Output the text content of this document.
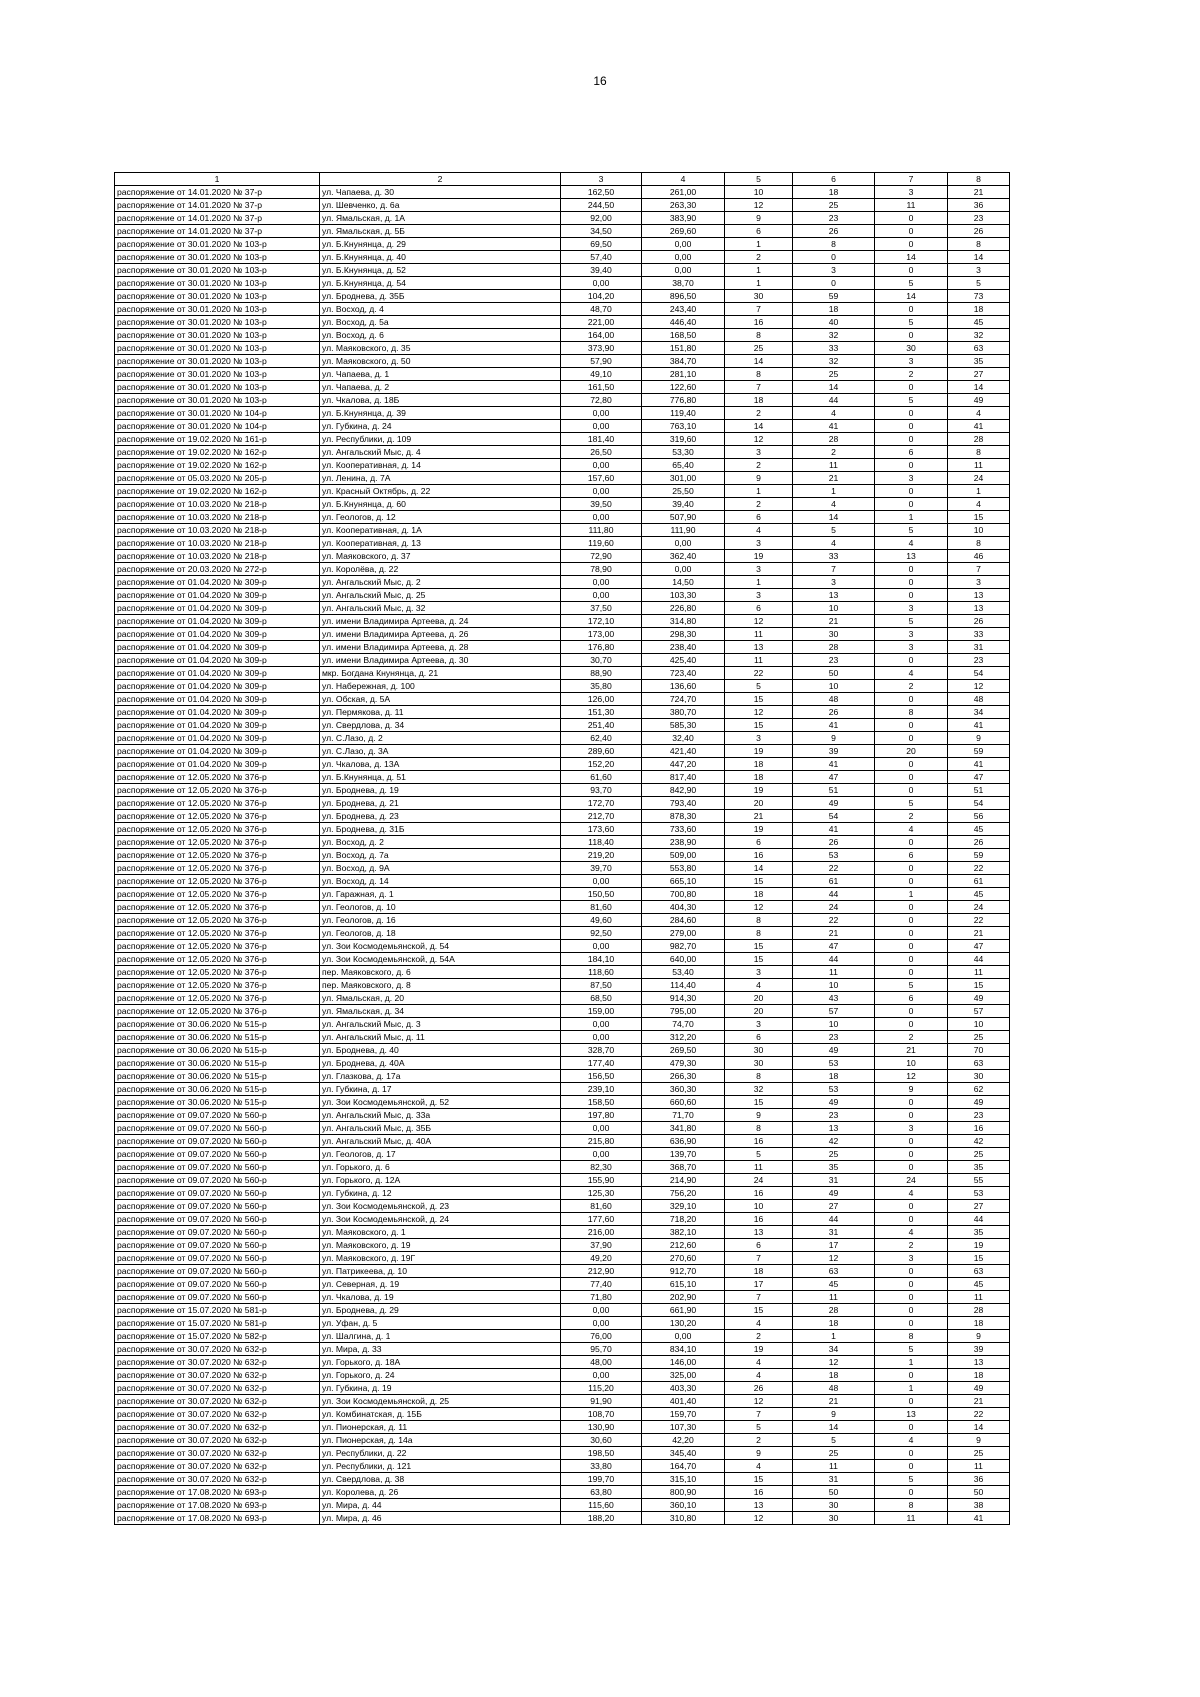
16
1	2	3	4	5	6	7	8
распоряжение от 14.01.2020 № 37-р	ул. Чапаева, д. 30	162,50	261,00	10	18	3	21
распоряжение от 14.01.2020 № 37-р	ул. Шевченко, д. 6а	244,50	263,30	12	25	11	36
распоряжение от 14.01.2020 № 37-р	ул. Ямальская, д. 1А	92,00	383,90	9	23	0	23
распоряжение от 14.01.2020 № 37-р	ул. Ямальская, д. 5Б	34,50	269,60	6	26	0	26
распоряжение от 30.01.2020 № 103-р	ул. Б.Кнунянца, д. 29	69,50	0,00	1	8	0	8
распоряжение от 30.01.2020 № 103-р	ул. Б.Кнунянца, д. 40	57,40	0,00	2	0	14	14
распоряжение от 30.01.2020 № 103-р	ул. Б.Кнунянца, д. 52	39,40	0,00	1	3	0	3
распоряжение от 30.01.2020 № 103-р	ул. Б.Кнунянца, д. 54	0,00	38,70	1	0	5	5
распоряжение от 30.01.2020 № 103-р	ул. Броднева, д. 35Б	104,20	896,50	30	59	14	73
распоряжение от 30.01.2020 № 103-р	ул. Восход, д. 4	48,70	243,40	7	18	0	18
распоряжение от 30.01.2020 № 103-р	ул. Восход, д. 5а	221,00	446,40	16	40	5	45
распоряжение от 30.01.2020 № 103-р	ул. Восход, д. 6	164,00	168,50	8	32	0	32
распоряжение от 30.01.2020 № 103-р	ул. Маяковского, д. 35	373,90	151,80	25	33	30	63
распоряжение от 30.01.2020 № 103-р	ул. Маяковского, д. 50	57,90	384,70	14	32	3	35
распоряжение от 30.01.2020 № 103-р	ул. Чапаева, д. 1	49,10	281,10	8	25	2	27
распоряжение от 30.01.2020 № 103-р	ул. Чапаева, д. 2	161,50	122,60	7	14	0	14
распоряжение от 30.01.2020 № 103-р	ул. Чкалова, д. 18Б	72,80	776,80	18	44	5	49
распоряжение от 30.01.2020 № 104-р	ул. Б.Кнунянца, д. 39	0,00	119,40	2	4	0	4
распоряжение от 30.01.2020 № 104-р	ул. Губкина, д. 24	0,00	763,10	14	41	0	41
распоряжение от 19.02.2020 № 161-р	ул. Республики, д. 109	181,40	319,60	12	28	0	28
распоряжение от 19.02.2020 № 162-р	ул. Ангальский Мыс, д. 4	26,50	53,30	3	2	6	8
распоряжение от 19.02.2020 № 162-р	ул. Кооперативная, д. 14	0,00	65,40	2	11	0	11
распоряжение от 05.03.2020 № 205-р	ул. Ленина, д. 7А	157,60	301,00	9	21	3	24
распоряжение от 19.02.2020 № 162-р	ул. Красный Октябрь, д. 22	0,00	25,50	1	1	0	1
распоряжение от 10.03.2020 № 218-р	ул. Б.Кнунянца, д. 60	39,50	39,40	2	4	0	4
распоряжение от 10.03.2020 № 218-р	ул. Геологов, д. 12	0,00	507,90	6	14	1	15
распоряжение от 10.03.2020 № 218-р	ул. Кооперативная, д. 1А	111,80	111,90	4	5	5	10
распоряжение от 10.03.2020 № 218-р	ул. Кооперативная, д. 13	119,60	0,00	3	4	4	8
распоряжение от 10.03.2020 № 218-р	ул. Маяковского, д. 37	72,90	362,40	19	33	13	46
распоряжение от 20.03.2020 № 272-р	ул. Королёва, д. 22	78,90	0,00	3	7	0	7
распоряжение от 01.04.2020 № 309-р	ул. Ангальский Мыс, д. 2	0,00	14,50	1	3	0	3
распоряжение от 01.04.2020 № 309-р	ул. Ангальский Мыс, д. 25	0,00	103,30	3	13	0	13
распоряжение от 01.04.2020 № 309-р	ул. Ангальский Мыс, д. 32	37,50	226,80	6	10	3	13
распоряжение от 01.04.2020 № 309-р	ул. имени Владимира Артеева, д. 24	172,10	314,80	12	21	5	26
распоряжение от 01.04.2020 № 309-р	ул. имени Владимира Артеева, д. 26	173,00	298,30	11	30	3	33
распоряжение от 01.04.2020 № 309-р	ул. имени Владимира Артеева, д. 28	176,80	238,40	13	28	3	31
распоряжение от 01.04.2020 № 309-р	ул. имени Владимира Артеева, д. 30	30,70	425,40	11	23	0	23
распоряжение от 01.04.2020 № 309-р	мкр. Богдана Кнунянца, д. 21	88,90	723,40	22	50	4	54
распоряжение от 01.04.2020 № 309-р	ул. Набережная, д. 100	35,80	136,60	5	10	2	12
распоряжение от 01.04.2020 № 309-р	ул. Обская, д. 5А	126,00	724,70	15	48	0	48
распоряжение от 01.04.2020 № 309-р	ул. Пермякова, д. 11	151,30	380,70	12	26	8	34
распоряжение от 01.04.2020 № 309-р	ул. Свердлова, д. 34	251,40	585,30	15	41	0	41
распоряжение от 01.04.2020 № 309-р	ул. С.Лазо, д. 2	62,40	32,40	3	9	0	9
распоряжение от 01.04.2020 № 309-р	ул. С.Лазо, д. 3А	289,60	421,40	19	39	20	59
распоряжение от 01.04.2020 № 309-р	ул. Чкалова, д. 13А	152,20	447,20	18	41	0	41
распоряжение от 12.05.2020 № 376-р	ул. Б.Кнунянца, д. 51	61,60	817,40	18	47	0	47
распоряжение от 12.05.2020 № 376-р	ул. Броднева, д. 19	93,70	842,90	19	51	0	51
распоряжение от 12.05.2020 № 376-р	ул. Броднева, д. 21	172,70	793,40	20	49	5	54
распоряжение от 12.05.2020 № 376-р	ул. Броднева, д. 23	212,70	878,30	21	54	2	56
распоряжение от 12.05.2020 № 376-р	ул. Броднева, д. 31Б	173,60	733,60	19	41	4	45
распоряжение от 12.05.2020 № 376-р	ул. Восход, д. 2	118,40	238,90	6	26	0	26
распоряжение от 12.05.2020 № 376-р	ул. Восход, д. 7а	219,20	509,00	16	53	6	59
распоряжение от 12.05.2020 № 376-р	ул. Восход, д. 9А	39,70	553,80	14	22	0	22
распоряжение от 12.05.2020 № 376-р	ул. Восход, д. 14	0,00	665,10	15	61	0	61
распоряжение от 12.05.2020 № 376-р	ул. Гаражная, д. 1	150,50	700,80	18	44	1	45
распоряжение от 12.05.2020 № 376-р	ул. Геологов, д. 10	81,60	404,30	12	24	0	24
распоряжение от 12.05.2020 № 376-р	ул. Геологов, д. 16	49,60	284,60	8	22	0	22
распоряжение от 12.05.2020 № 376-р	ул. Геологов, д. 18	92,50	279,00	8	21	0	21
распоряжение от 12.05.2020 № 376-р	ул. Зои Космодемьянской, д. 54	0,00	982,70	15	47	0	47
распоряжение от 12.05.2020 № 376-р	ул. Зои Космодемьянской, д. 54А	184,10	640,00	15	44	0	44
распоряжение от 12.05.2020 № 376-р	пер. Маяковского, д. 6	118,60	53,40	3	11	0	11
распоряжение от 12.05.2020 № 376-р	пер. Маяковского, д. 8	87,50	114,40	4	10	5	15
распоряжение от 12.05.2020 № 376-р	ул. Ямальская, д. 20	68,50	914,30	20	43	6	49
распоряжение от 12.05.2020 № 376-р	ул. Ямальская, д. 34	159,00	795,00	20	57	0	57
распоряжение от 30.06.2020 № 515-р	ул. Ангальский Мыс, д. 3	0,00	74,70	3	10	0	10
распоряжение от 30.06.2020 № 515-р	ул. Ангальский Мыс, д. 11	0,00	312,20	6	23	2	25
распоряжение от 30.06.2020 № 515-р	ул. Броднева, д. 40	328,70	269,50	30	49	21	70
распоряжение от 30.06.2020 № 515-р	ул. Броднева, д. 40А	177,40	479,30	30	53	10	63
распоряжение от 30.06.2020 № 515-р	ул. Глазкова, д. 17а	156,50	266,30	8	18	12	30
распоряжение от 30.06.2020 № 515-р	ул. Губкина, д. 17	239,10	360,30	32	53	9	62
распоряжение от 30.06.2020 № 515-р	ул. Зои Космодемьянской, д. 52	158,50	660,60	15	49	0	49
распоряжение от 09.07.2020 № 560-р	ул. Ангальский Мыс, д. 33а	197,80	71,70	9	23	0	23
распоряжение от 09.07.2020 № 560-р	ул. Ангальский Мыс, д. 35Б	0,00	341,80	8	13	3	16
распоряжение от 09.07.2020 № 560-р	ул. Ангальский Мыс, д. 40А	215,80	636,90	16	42	0	42
распоряжение от 09.07.2020 № 560-р	ул. Геологов, д. 17	0,00	139,70	5	25	0	25
распоряжение от 09.07.2020 № 560-р	ул. Горького, д. 6	82,30	368,70	11	35	0	35
распоряжение от 09.07.2020 № 560-р	ул. Горького, д. 12А	155,90	214,90	24	31	24	55
распоряжение от 09.07.2020 № 560-р	ул. Губкина, д. 12	125,30	756,20	16	49	4	53
распоряжение от 09.07.2020 № 560-р	ул. Зои Космодемьянской, д. 23	81,60	329,10	10	27	0	27
распоряжение от 09.07.2020 № 560-р	ул. Зои Космодемьянской, д. 24	177,60	718,20	16	44	0	44
распоряжение от 09.07.2020 № 560-р	ул. Маяковского, д. 1	216,00	382,10	13	31	4	35
распоряжение от 09.07.2020 № 560-р	ул. Маяковского, д. 19	37,90	212,60	6	17	2	19
распоряжение от 09.07.2020 № 560-р	ул. Маяковского, д. 19Г	49,20	270,60	7	12	3	15
распоряжение от 09.07.2020 № 560-р	ул. Патрикеева, д. 10	212,90	912,70	18	63	0	63
распоряжение от 09.07.2020 № 560-р	ул. Северная, д. 19	77,40	615,10	17	45	0	45
распоряжение от 09.07.2020 № 560-р	ул. Чкалова, д. 19	71,80	202,90	7	11	0	11
распоряжение от 15.07.2020 № 581-р	ул. Броднева, д. 29	0,00	661,90	15	28	0	28
распоряжение от 15.07.2020 № 581-р	ул. Уфан, д. 5	0,00	130,20	4	18	0	18
распоряжение от 15.07.2020 № 582-р	ул. Шалгина, д. 1	76,00	0,00	2	1	8	9
распоряжение от 30.07.2020 № 632-р	ул. Мира, д. 33	95,70	834,10	19	34	5	39
распоряжение от 30.07.2020 № 632-р	ул. Горького, д. 18А	48,00	146,00	4	12	1	13
распоряжение от 30.07.2020 № 632-р	ул. Горького, д. 24	0,00	325,00	4	18	0	18
распоряжение от 30.07.2020 № 632-р	ул. Губкина, д. 19	115,20	403,30	26	48	1	49
распоряжение от 30.07.2020 № 632-р	ул. Зои Космодемьянской, д. 25	91,90	401,40	12	21	0	21
распоряжение от 30.07.2020 № 632-р	ул. Комбинатская, д. 15Б	108,70	159,70	7	9	13	22
распоряжение от 30.07.2020 № 632-р	ул. Пионерская, д. 11	130,90	107,30	5	14	0	14
распоряжение от 30.07.2020 № 632-р	ул. Пионерская, д. 14а	30,60	42,20	2	5	4	9
распоряжение от 30.07.2020 № 632-р	ул. Республики, д. 22	198,50	345,40	9	25	0	25
распоряжение от 30.07.2020 № 632-р	ул. Республики, д. 121	33,80	164,70	4	11	0	11
распоряжение от 30.07.2020 № 632-р	ул. Свердлова, д. 38	199,70	315,10	15	31	5	36
распоряжение от 17.08.2020 № 693-р	ул. Королева, д. 26	63,80	800,90	16	50	0	50
распоряжение от 17.08.2020 № 693-р	ул. Мира, д. 44	115,60	360,10	13	30	8	38
распоряжение от 17.08.2020 № 693-р	ул. Мира, д. 46	188,20	310,80	12	30	11	41
